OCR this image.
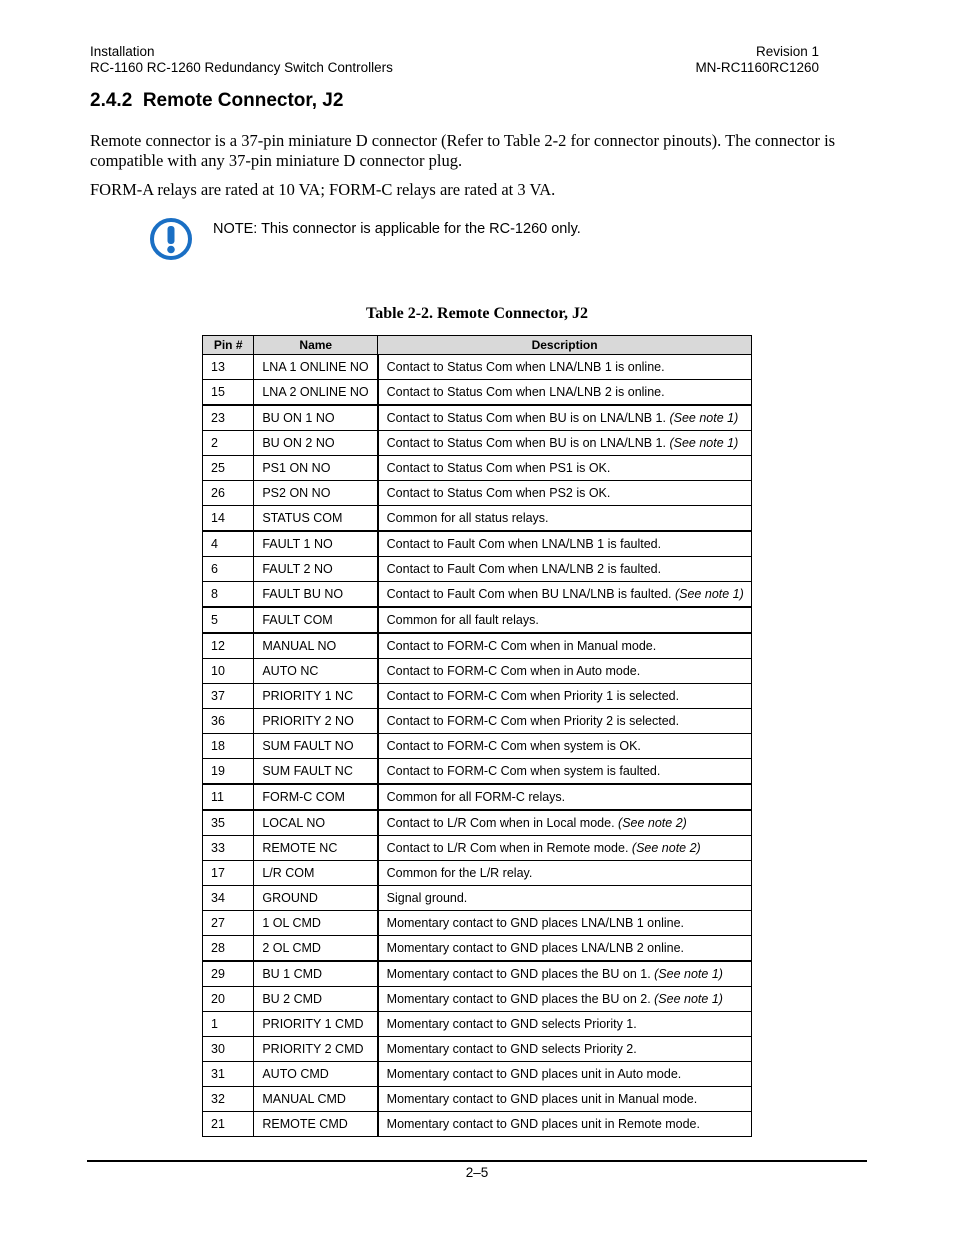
Installation
RC-1160 RC-1260 Redundancy Switch Controllers
Revision 1
MN-RC1160RC1260
2.4.2 Remote Connector, J2
Remote connector is a 37-pin miniature D connector (Refer to Table 2-2 for connector pinouts). The connector is compatible with any 37-pin miniature D connector plug.
FORM-A relays are rated at 10 VA; FORM-C relays are rated at 3 VA.
NOTE: This connector is applicable for the RC-1260 only.
Table 2-2. Remote Connector, J2
Pin #	Name	Description
13	LNA 1 ONLINE NO	Contact to Status Com when LNA/LNB 1 is online.
15	LNA 2 ONLINE NO	Contact to Status Com when LNA/LNB 2 is online.
23	BU ON 1 NO	Contact to Status Com when BU is on LNA/LNB 1. (See note 1)
2	BU ON 2 NO	Contact to Status Com when BU is on LNA/LNB 1. (See note 1)
25	PS1 ON NO	Contact to Status Com when PS1 is OK.
26	PS2 ON NO	Contact to Status Com when PS2 is OK.
14	STATUS COM	Common for all status relays.
4	FAULT 1 NO	Contact to Fault Com when LNA/LNB 1 is faulted.
6	FAULT 2 NO	Contact to Fault Com when LNA/LNB 2 is faulted.
8	FAULT BU NO	Contact to Fault Com when BU LNA/LNB is faulted. (See note 1)
5	FAULT COM	Common for all fault relays.
12	MANUAL NO	Contact to FORM-C Com when in Manual mode.
10	AUTO NC	Contact to FORM-C Com when in Auto mode.
37	PRIORITY 1 NC	Contact to FORM-C Com when Priority 1 is selected.
36	PRIORITY 2 NO	Contact to FORM-C Com when Priority 2 is selected.
18	SUM FAULT NO	Contact to FORM-C Com when system is OK.
19	SUM FAULT NC	Contact to FORM-C Com when system is faulted.
11	FORM-C COM	Common for all FORM-C relays.
35	LOCAL NO	Contact to L/R Com when in Local mode. (See note 2)
33	REMOTE NC	Contact to L/R Com when in Remote mode. (See note 2)
17	L/R COM	Common for the L/R relay.
34	GROUND	Signal ground.
27	1 OL CMD	Momentary contact to GND places LNA/LNB 1 online.
28	2 OL CMD	Momentary contact to GND places LNA/LNB 2 online.
29	BU 1 CMD	Momentary contact to GND places the BU on 1. (See note 1)
20	BU 2 CMD	Momentary contact to GND places the BU on 2. (See note 1)
1	PRIORITY 1 CMD	Momentary contact to GND selects Priority 1.
30	PRIORITY 2 CMD	Momentary contact to GND selects Priority 2.
31	AUTO CMD	Momentary contact to GND places unit in Auto mode.
32	MANUAL CMD	Momentary contact to GND places unit in Manual mode.
21	REMOTE CMD	Momentary contact to GND places unit in Remote mode.
2–5
